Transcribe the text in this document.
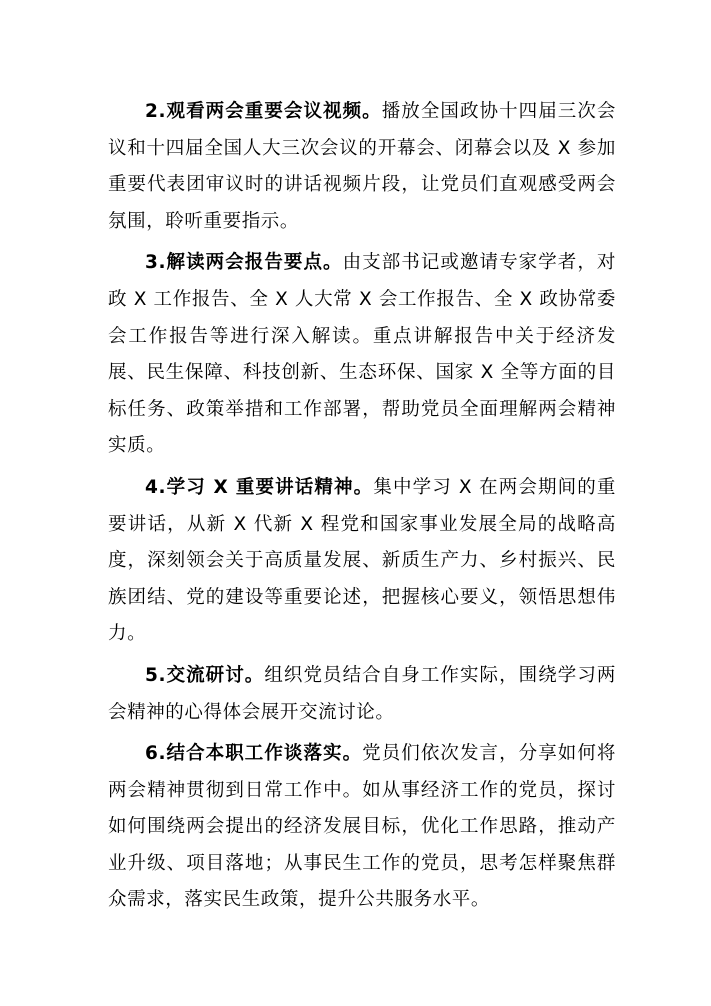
2.观看两会重要会议视频。播放全国政协十四届三次会议和十四届全国人大三次会议的开幕会、闭幕会以及 X 参加重要代表团审议时的讲话视频片段，让党员们直观感受两会氛围，聆听重要指示。

3.解读两会报告要点。由支部书记或邀请专家学者，对政 X 工作报告、全 X 人大常 X 会工作报告、全 X 政协常委会工作报告等进行深入解读。重点讲解报告中关于经济发展、民生保障、科技创新、生态环保、国家 X 全等方面的目标任务、政策举措和工作部署，帮助党员全面理解两会精神实质。

4.学习 X 重要讲话精神。集中学习 X 在两会期间的重要讲话，从新 X 代新 X 程党和国家事业发展全局的战略高度，深刻领会关于高质量发展、新质生产力、乡村振兴、民族团结、党的建设等重要论述，把握核心要义，领悟思想伟力。

5.交流研讨。组织党员结合自身工作实际，围绕学习两会精神的心得体会展开交流讨论。

6.结合本职工作谈落实。党员们依次发言，分享如何将两会精神贯彻到日常工作中。如从事经济工作的党员，探讨如何围绕两会提出的经济发展目标，优化工作思路，推动产业升级、项目落地；从事民生工作的党员，思考怎样聚焦群众需求，落实民生政策，提升公共服务水平。
